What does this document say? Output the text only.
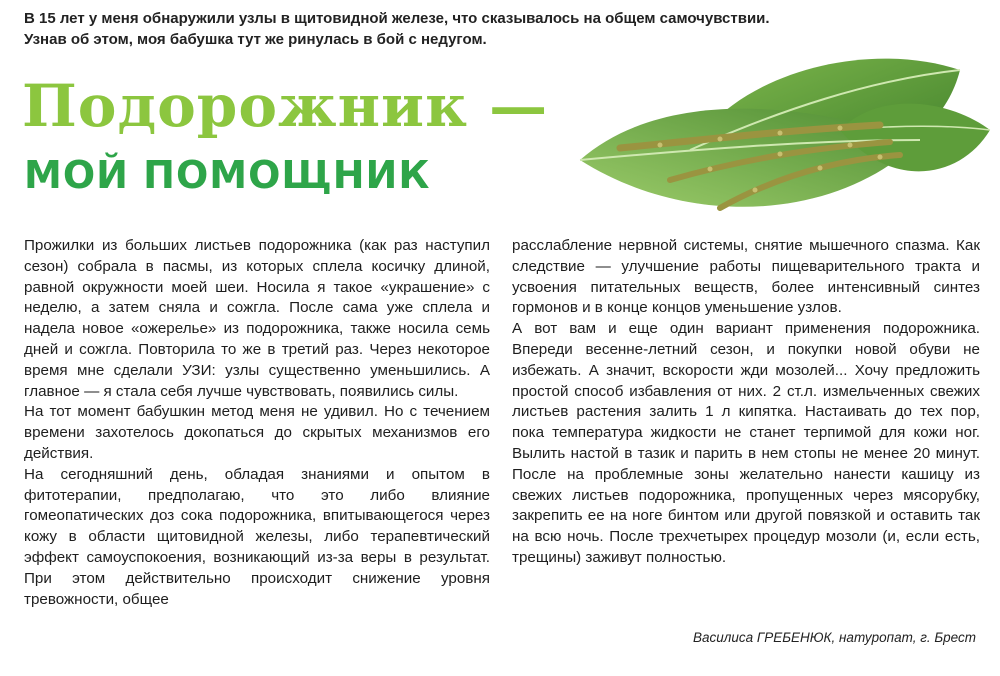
В 15 лет у меня обнаружили узлы в щитовидной железе, что сказывалось на общем самочувствии.

Узнав об этом, моя бабушка тут же ринулась в бой с недугом.

Подорожник —
МОЙ ПОМОЩНИК

Прожилки из больших листьев подорожника (как раз наступил сезон) собрала в пасмы, из которых сплела косичку длиной, равной окружности моей шеи. Носила я такое «украшение» с неделю, а затем сняла и сожгла. После сама уже сплела и надела новое «ожерелье» из подорожника, также носила семь дней и сожгла. Повторила то же в третий раз. Через некоторое время мне сделали УЗИ: узлы существенно уменьшились. А главное — я стала себя лучше чувствовать, появились силы.

На тот момент бабушкин метод меня не удивил. Но с течением времени захотелось докопаться до скрытых механизмов его действия.

На сегодняшний день, обладая знаниями и опытом в фитотерапии, предполагаю, что это либо влияние гомеопатических доз сока подорожника, впитывающегося через кожу в области щитовидной железы, либо терапевтический эффект самоуспокоения, возникающий из-за веры в результат. При этом действительно происходит снижение уровня тревожности, общее

расслабление нервной системы, снятие мышечного спазма. Как следствие — улучшение работы пищеварительного тракта и усвоения питательных веществ, более интенсивный синтез гормонов и в конце концов уменьшение узлов.

А вот вам и еще один вариант применения подорожника. Впереди весенне-летний сезон, и покупки новой обуви не избежать. А значит, вскорости жди мозолей... Хочу предложить простой способ избавления от них. 2 ст.л. измельченных свежих листьев растения залить 1 л кипятка. Настаивать до тех пор, пока температура жидкости не станет терпимой для кожи ног. Вылить настой в тазик и парить в нем стопы не менее 20 минут. После на проблемные зоны желательно нанести кашицу из свежих листьев подорожника, пропущенных через мясорубку, закрепить ее на ноге бинтом или другой повязкой и оставить так на всю ночь. После трехчетырех процедур мозоли (и, если есть, трещины) заживут полностью.

Василиса ГРЕБЕНЮК, натуропат, г. Брест
